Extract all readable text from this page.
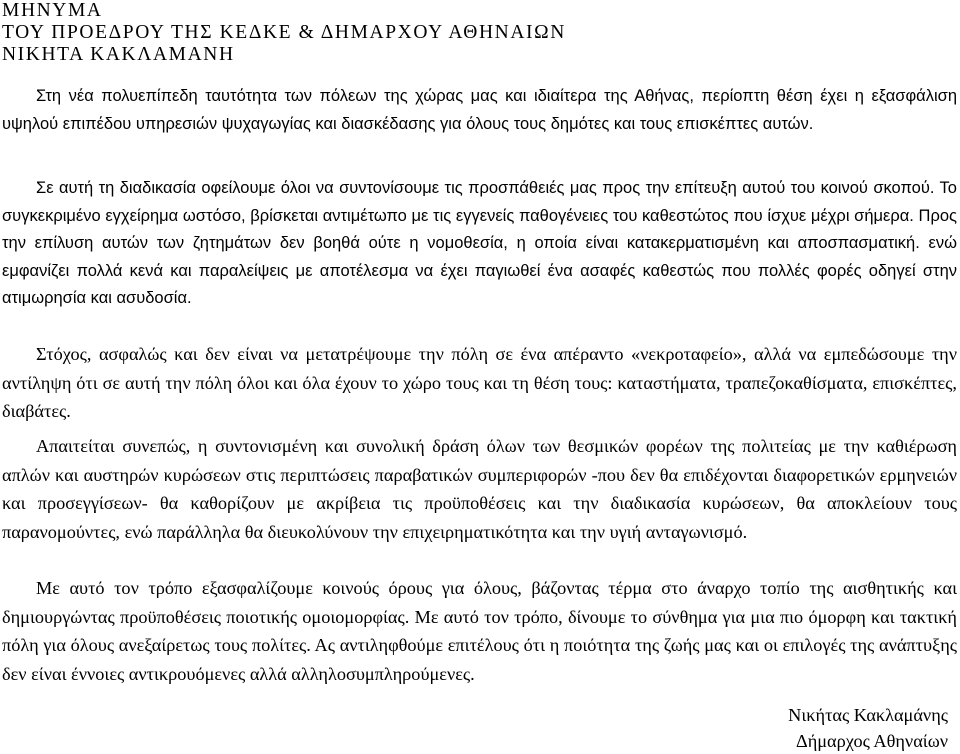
ΜΗΝΥΜΑ
ΤΟΥ ΠΡΟΕΔΡΟΥ ΤΗΣ ΚΕΔΚΕ & ΔΗΜΑΡΧΟΥ ΑΘΗΝΑΙΩΝ
ΝΙΚΗΤΑ ΚΑΚΛΑΜΑΝΗ

Στη νέα πολυεπίπεδη ταυτότητα των πόλεων της χώρας μας και ιδιαίτερα της Αθήνας, περίοπτη θέση έχει η εξασφάλιση υψηλού επιπέδου υπηρεσιών ψυχαγωγίας και διασκέδασης για όλους τους δημότες και τους επισκέπτες αυτών.

Σε αυτή τη διαδικασία οφείλουμε όλοι να συντονίσουμε τις προσπάθειές μας προς την επίτευξη αυτού του κοινού σκοπού. Το συγκεκριμένο εγχείρημα ωστόσο, βρίσκεται αντιμέτωπο με τις εγγενείς παθογένειες του καθεστώτος που ίσχυε μέχρι σήμερα. Προς την επίλυση αυτών των ζητημάτων δεν βοηθά ούτε η νομοθεσία, η οποία είναι κατακερματισμένη και αποσπασματική. ενώ εμφανίζει πολλά κενά και παραλείψεις με αποτέλεσμα να έχει παγιωθεί ένα ασαφές καθεστώς που πολλές φορές οδηγεί στην ατιμωρησία και ασυδοσία.

Στόχος, ασφαλώς και δεν είναι να μετατρέψουμε την πόλη σε ένα απέραντο «νεκροταφείο», αλλά να εμπεδώσουμε την αντίληψη ότι σε αυτή την πόλη όλοι και όλα έχουν το χώρο τους και τη θέση τους: καταστήματα, τραπεζοκαθίσματα, επισκέπτες, διαβάτες.

Απαιτείται συνεπώς, η συντονισμένη και συνολική δράση όλων των θεσμικών φορέων της πολιτείας με την καθιέρωση απλών και αυστηρών κυρώσεων στις περιπτώσεις παραβατικών συμπεριφορών -που δεν θα επιδέχονται διαφορετικών ερμηνειών και προσεγγίσεων- θα καθορίζουν με ακρίβεια τις προϋποθέσεις και την διαδικασία κυρώσεων, θα αποκλείουν τους παρανομούντες, ενώ παράλληλα θα διευκολύνουν την επιχειρηματικότητα και την υγιή ανταγωνισμό.

Με αυτό τον τρόπο εξασφαλίζουμε κοινούς όρους για όλους, βάζοντας τέρμα στο άναρχο τοπίο της αισθητικής και δημιουργώντας προϋποθέσεις ποιοτικής ομοιομορφίας. Με αυτό τον τρόπο, δίνουμε το σύνθημα για μια πιο όμορφη και τακτική πόλη για όλους ανεξαίρετως τους πολίτες. Ας αντιληφθούμε επιτέλους ότι η ποιότητα της ζωής μας και οι επιλογές της ανάπτυξης δεν είναι έννοιες αντικρουόμενες αλλά αλληλοσυμπληρούμενες.

Νικήτας Κακλαμάνης

Δήμαρχος Αθηναίων
